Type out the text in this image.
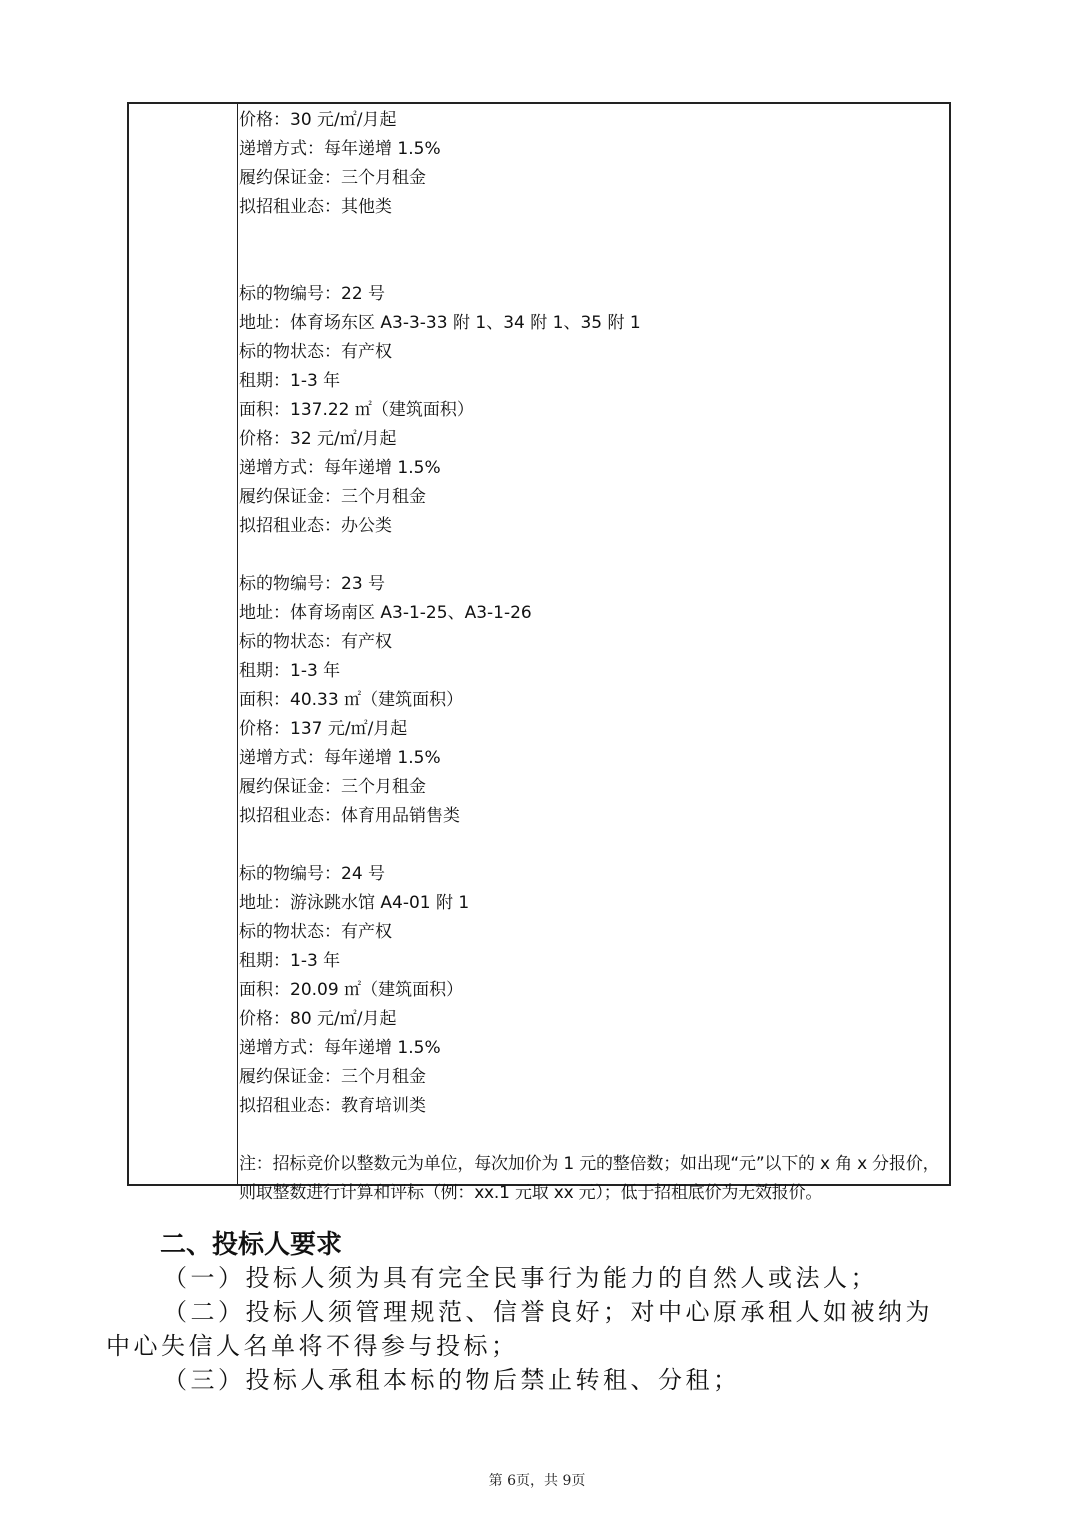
价格：30 元/㎡/月起
递增方式：每年递增 1.5%
履约保证金：三个月租金
拟招租业态：其他类
标的物编号：22 号
地址：体育场东区 A3-3-33 附 1、34 附 1、35 附 1
标的物状态：有产权
租期：1-3 年
面积：137.22 ㎡（建筑面积）
价格：32 元/㎡/月起
递增方式：每年递增 1.5%
履约保证金：三个月租金
拟招租业态：办公类
标的物编号：23 号
地址：体育场南区 A3-1-25、A3-1-26
标的物状态：有产权
租期：1-3 年
面积：40.33 ㎡（建筑面积）
价格：137 元/㎡/月起
递增方式：每年递增 1.5%
履约保证金：三个月租金
拟招租业态：体育用品销售类
标的物编号：24 号
地址：游泳跳水馆 A4-01 附 1
标的物状态：有产权
租期：1-3 年
面积：20.09 ㎡（建筑面积）
价格：80 元/㎡/月起
递增方式：每年递增 1.5%
履约保证金：三个月租金
拟招租业态：教育培训类
注：招标竞价以整数元为单位，每次加价为 1 元的整倍数；如出现“元”以下的 x 角 x 分报价，则取整数进行计算和评标（例：xx.1 元取 xx 元）；低于招租底价为无效报价。
二、投标人要求
（一）投标人须为具有完全民事行为能力的自然人或法人；
（二）投标人须管理规范、信誉良好；对中心原承租人如被纳为
中心失信人名单将不得参与投标；
（三）投标人承租本标的物后禁止转租、分租；
第 6页，共 9页
